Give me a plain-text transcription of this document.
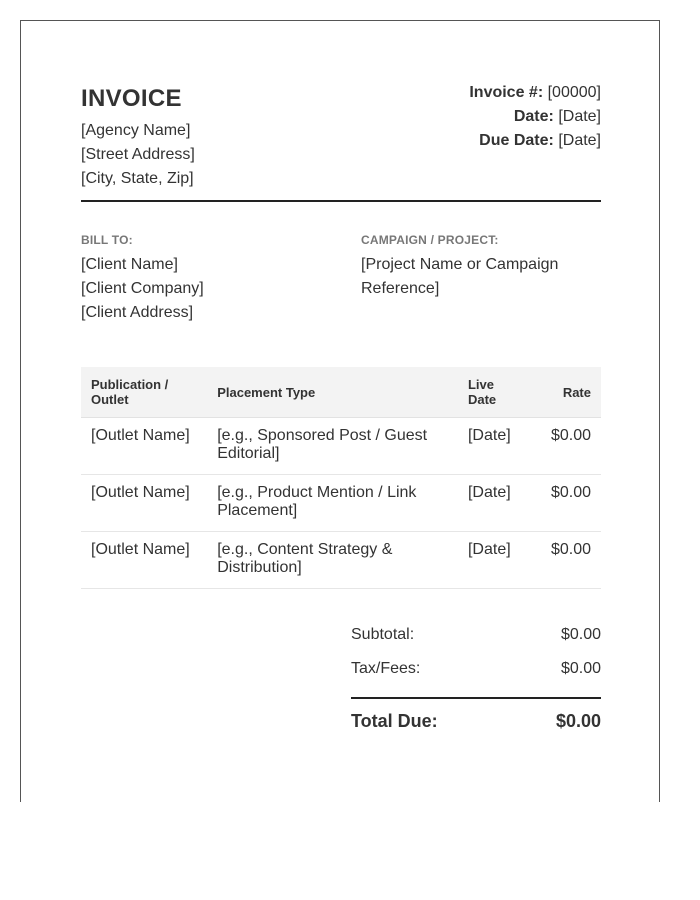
INVOICE
[Agency Name]
[Street Address]
[City, State, Zip]
Invoice #: [00000]
Date: [Date]
Due Date: [Date]
BILL TO:
[Client Name]
[Client Company]
[Client Address]
CAMPAIGN / PROJECT:
[Project Name or Campaign Reference]
Publication / Outlet	Placement Type	Live Date	Rate
[Outlet Name]	[e.g., Sponsored Post / Guest Editorial]	[Date]	$0.00
[Outlet Name]	[e.g., Product Mention / Link Placement]	[Date]	$0.00
[Outlet Name]	[e.g., Content Strategy & Distribution]	[Date]	$0.00
Subtotal:	$0.00
Tax/Fees:	$0.00
Total Due:	$0.00
